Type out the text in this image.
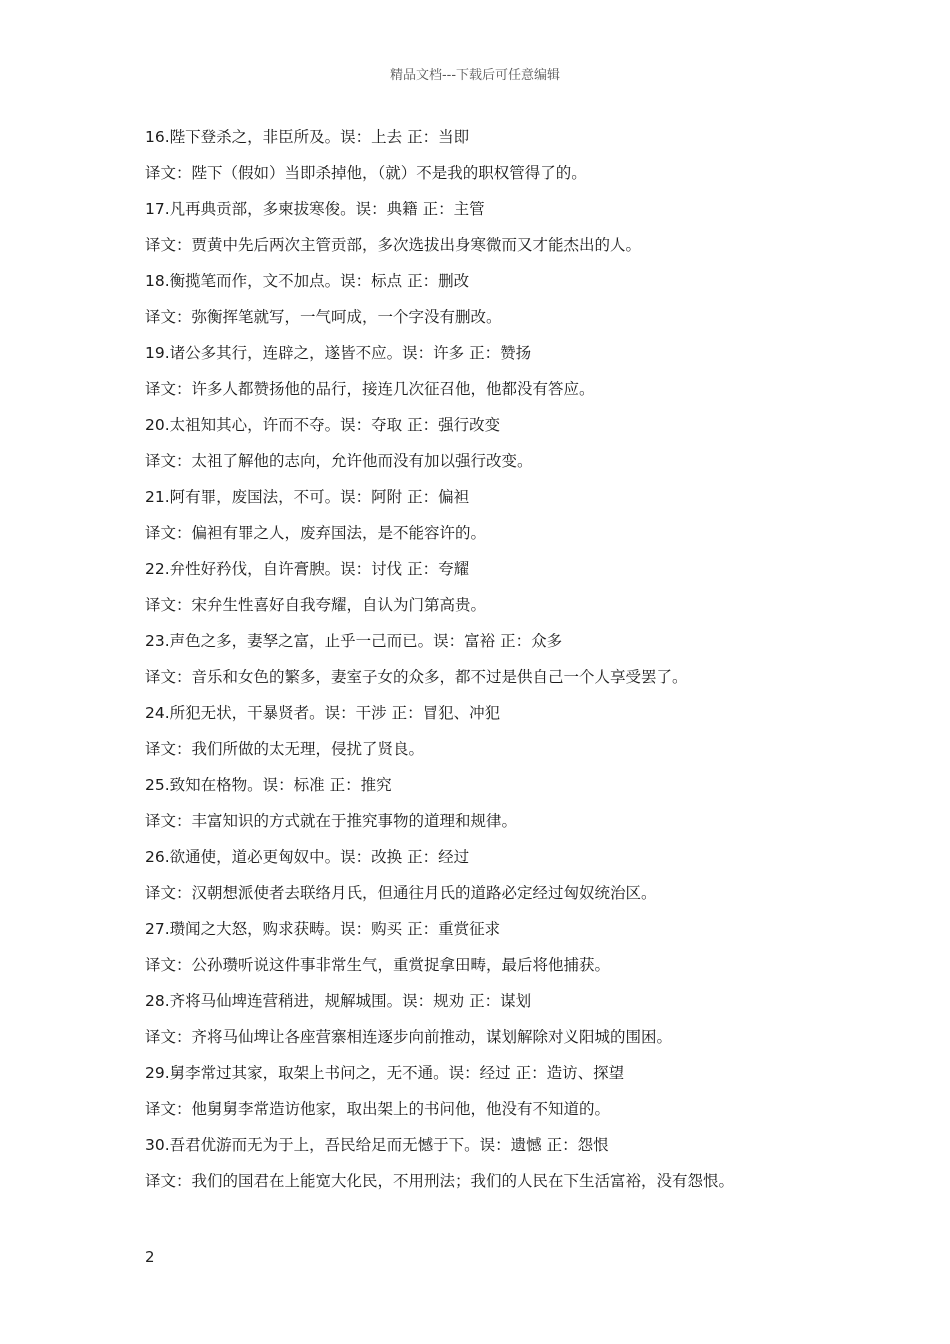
精品文档---下载后可任意编辑
16.陛下登杀之，非臣所及。误：上去 正：当即
译文：陛下（假如）当即杀掉他，（就）不是我的职权管得了的。
17.凡再典贡部，多柬拔寒俊。误：典籍 正：主管
译文：贾黄中先后两次主管贡部，多次选拔出身寒微而又才能杰出的人。
18.衡揽笔而作，文不加点。误：标点 正：删改
译文：弥衡挥笔就写，一气呵成，一个字没有删改。
19.诸公多其行，连辟之，遂皆不应。误：许多 正：赞扬
译文：许多人都赞扬他的品行，接连几次征召他，他都没有答应。
20.太祖知其心，许而不夺。误：夺取 正：强行改变
译文：太祖了解他的志向，允许他而没有加以强行改变。
21.阿有罪，废国法，不可。误：阿附 正：偏袒
译文：偏袒有罪之人，废弃国法，是不能容许的。
22.弁性好矜伐，自许膏腴。误：讨伐 正：夸耀
译文：宋弁生性喜好自我夸耀，自认为门第高贵。
23.声色之多，妻孥之富，止乎一己而已。误：富裕 正：众多
译文：音乐和女色的繁多，妻室子女的众多，都不过是供自己一个人享受罢了。
24.所犯无状，干暴贤者。误：干涉 正：冒犯、冲犯
译文：我们所做的太无理，侵扰了贤良。
25.致知在格物。误：标准 正：推究
译文：丰富知识的方式就在于推究事物的道理和规律。
26.欲通使，道必更匈奴中。误：改换 正：经过
译文：汉朝想派使者去联络月氏，但通往月氏的道路必定经过匈奴统治区。
27.瓒闻之大怒，购求获畴。误：购买 正：重赏征求
译文：公孙瓒听说这件事非常生气，重赏捉拿田畴，最后将他捕获。
28.齐将马仙埤连营稍进，规解城围。误：规劝 正：谋划
译文：齐将马仙埤让各座营寨相连逐步向前推动，谋划解除对义阳城的围困。
29.舅李常过其家，取架上书问之，无不通。误：经过 正：造访、探望
译文：他舅舅李常造访他家，取出架上的书问他，他没有不知道的。
30.吾君优游而无为于上，吾民给足而无憾于下。误：遗憾 正：怨恨
译文：我们的国君在上能宽大化民，不用刑法；我们的人民在下生活富裕，没有怨恨。
2
